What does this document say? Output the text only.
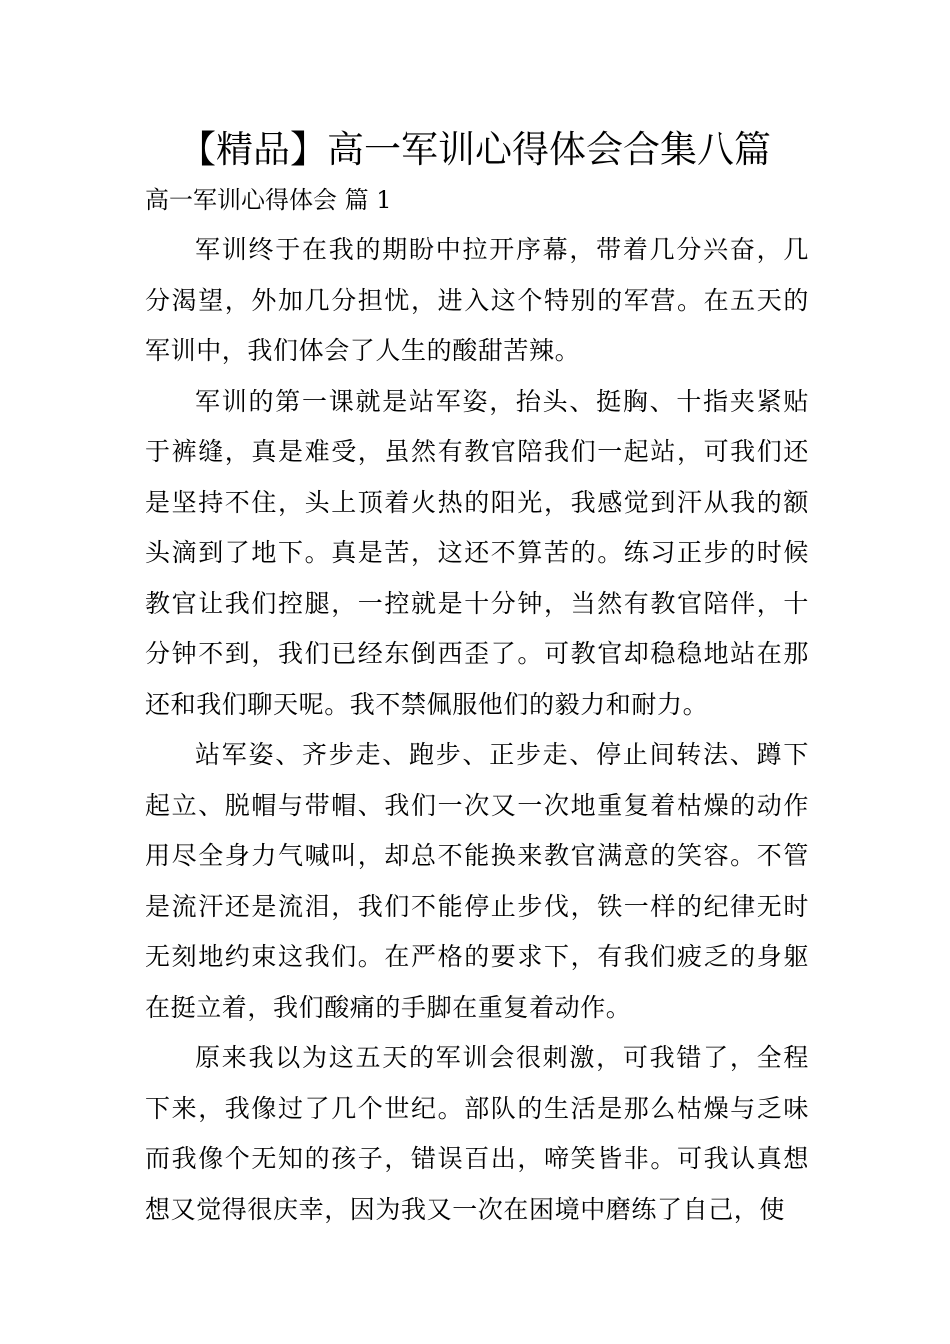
【精品】高一军训心得体会合集八篇
高一军训心得体会 篇 1

军训终于在我的期盼中拉开序幕，带着几分兴奋，几分渴望，外加几分担忧，进入这个特别的军营。在五天的军训中，我们体会了人生的酸甜苦辣。

军训的第一课就是站军姿，抬头、挺胸、十指夹紧贴于裤缝，真是难受，虽然有教官陪我们一起站，可我们还是坚持不住，头上顶着火热的阳光，我感觉到汗从我的额头滴到了地下。真是苦，这还不算苦的。练习正步的时候教官让我们控腿，一控就是十分钟，当然有教官陪伴，十分钟不到，我们已经东倒西歪了。可教官却稳稳地站在那还和我们聊天呢。我不禁佩服他们的毅力和耐力。

站军姿、齐步走、跑步、正步走、停止间转法、蹲下起立、脱帽与带帽、我们一次又一次地重复着枯燥的动作用尽全身力气喊叫，却总不能换来教官满意的笑容。不管是流汗还是流泪，我们不能停止步伐，铁一样的纪律无时无刻地约束这我们。在严格的要求下，有我们疲乏的身躯在挺立着，我们酸痛的手脚在重复着动作。

原来我以为这五天的军训会很刺激，可我错了，全程下来，我像过了几个世纪。部队的生活是那么枯燥与乏味而我像个无知的孩子，错误百出，啼笑皆非。可我认真想想又觉得很庆幸，因为我又一次在困境中磨练了自己，使
